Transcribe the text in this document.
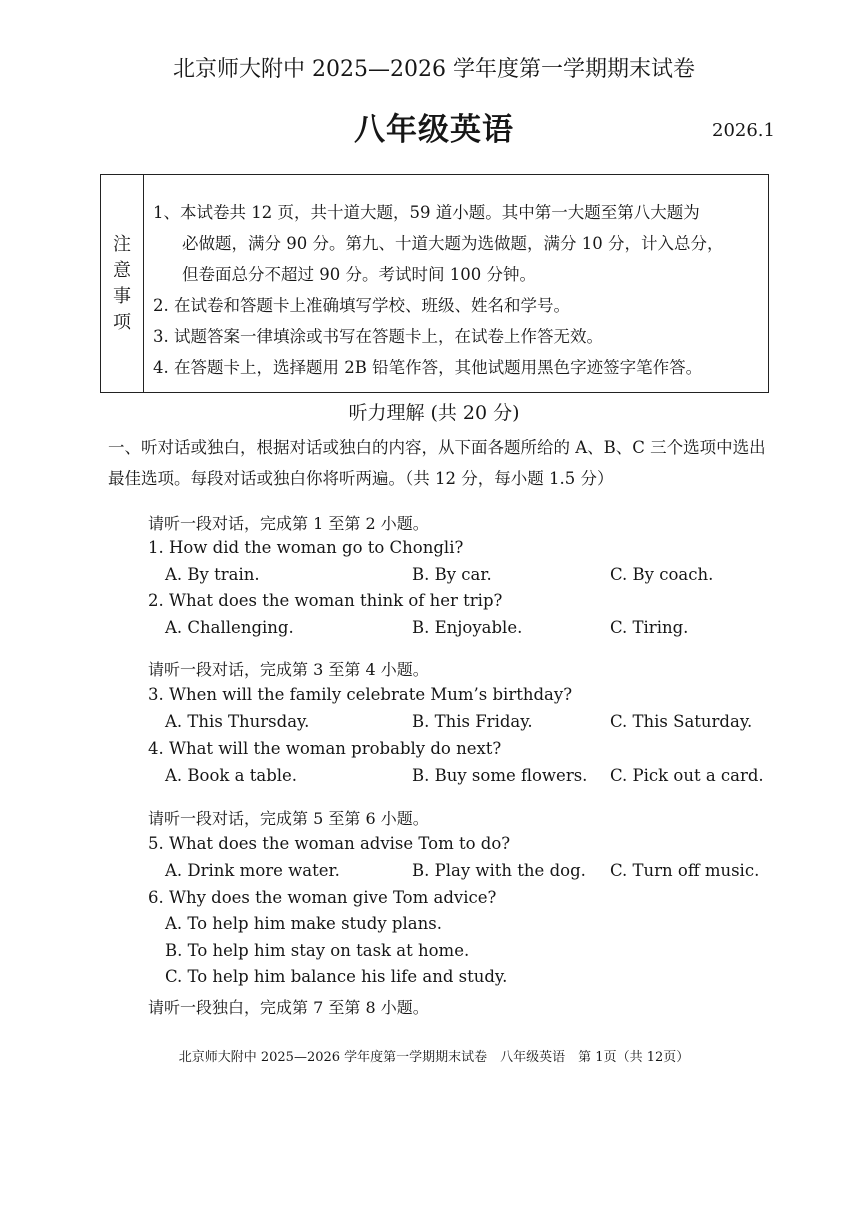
北京师大附中 2025—2026 学年度第一学期期末试卷
八年级英语	2026.1
注
意
事
项
1、本试卷共 12 页，共十道大题，59 道小题。其中第一大题至第八大题为
必做题，满分 90 分。第九、十道大题为选做题，满分 10 分，计入总分，
但卷面总分不超过 90 分。考试时间 100 分钟。
2. 在试卷和答题卡上准确填写学校、班级、姓名和学号。
3. 试题答案一律填涂或书写在答题卡上，在试卷上作答无效。
4. 在答题卡上，选择题用 2B 铅笔作答，其他试题用黑色字迹签字笔作答。
听力理解 (共 20 分)
一、听对话或独白，根据对话或独白的内容，从下面各题所给的 A、B、C 三个选项中选出最佳选项。每段对话或独白你将听两遍。（共 12 分，每小题 1.5 分）
请听一段对话，完成第 1 至第 2 小题。
1. How did the woman go to Chongli?
A. By train.	B. By car.	C. By coach.
2. What does the woman think of her trip?
A. Challenging.	B. Enjoyable.	C. Tiring.
请听一段对话，完成第 3 至第 4 小题。
3. When will the family celebrate Mum’s birthday?
A. This Thursday.	B. This Friday.	C. This Saturday.
4. What will the woman probably do next?
A. Book a table.	B. Buy some flowers. C. Pick out a card.
请听一段对话，完成第 5 至第 6 小题。
5. What does the woman advise Tom to do?
A. Drink more water.	B. Play with the dog. C. Turn off music.
6. Why does the woman give Tom advice?
A. To help him make study plans.
B. To help him stay on task at home.
C. To help him balance his life and study.
请听一段独白，完成第 7 至第 8 小题。
北京师大附中 2025—2026 学年度第一学期期末试卷　八年级英语　第 1页（共 12页）
